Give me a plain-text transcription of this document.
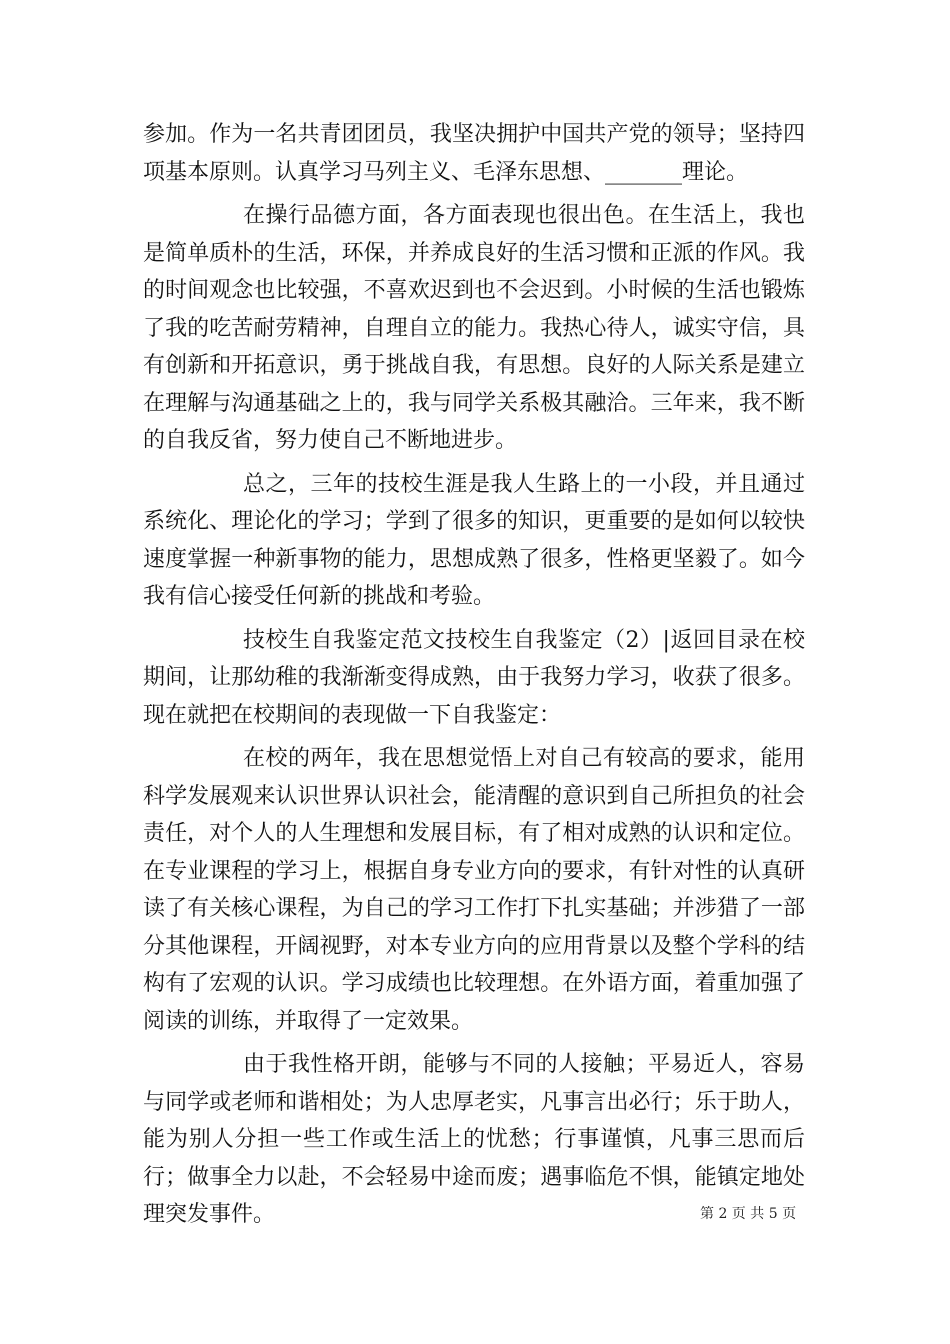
参加。作为一名共青团团员，我坚决拥护中国共产党的领导；坚持四项基本原则。认真学习马列主义、毛泽东思想、_______理论。

在操行品德方面，各方面表现也很出色。在生活上，我也是简单质朴的生活，环保，并养成良好的生活习惯和正派的作风。我的时间观念也比较强，不喜欢迟到也不会迟到。小时候的生活也锻炼了我的吃苦耐劳精神，自理自立的能力。我热心待人，诚实守信，具有创新和开拓意识，勇于挑战自我，有思想。良好的人际关系是建立在理解与沟通基础之上的，我与同学关系极其融洽。三年来，我不断的自我反省，努力使自己不断地进步。

总之，三年的技校生涯是我人生路上的一小段，并且通过系统化、理论化的学习；学到了很多的知识，更重要的是如何以较快速度掌握一种新事物的能力，思想成熟了很多，性格更坚毅了。如今我有信心接受任何新的挑战和考验。

技校生自我鉴定范文技校生自我鉴定（2）|返回目录在校期间，让那幼稚的我渐渐变得成熟，由于我努力学习，收获了很多。现在就把在校期间的表现做一下自我鉴定：

在校的两年，我在思想觉悟上对自己有较高的要求，能用科学发展观来认识世界认识社会，能清醒的意识到自己所担负的社会责任，对个人的人生理想和发展目标，有了相对成熟的认识和定位。在专业课程的学习上，根据自身专业方向的要求，有针对性的认真研读了有关核心课程，为自己的学习工作打下扎实基础；并涉猎了一部分其他课程，开阔视野，对本专业方向的应用背景以及整个学科的结构有了宏观的认识。学习成绩也比较理想。在外语方面，着重加强了阅读的训练，并取得了一定效果。

由于我性格开朗，能够与不同的人接触；平易近人，容易与同学或老师和谐相处；为人忠厚老实，凡事言出必行；乐于助人，能为别人分担一些工作或生活上的忧愁；行事谨慎，凡事三思而后行；做事全力以赴，不会轻易中途而废；遇事临危不惧，能镇定地处理突发事件。	第 2 页 共 5 页
